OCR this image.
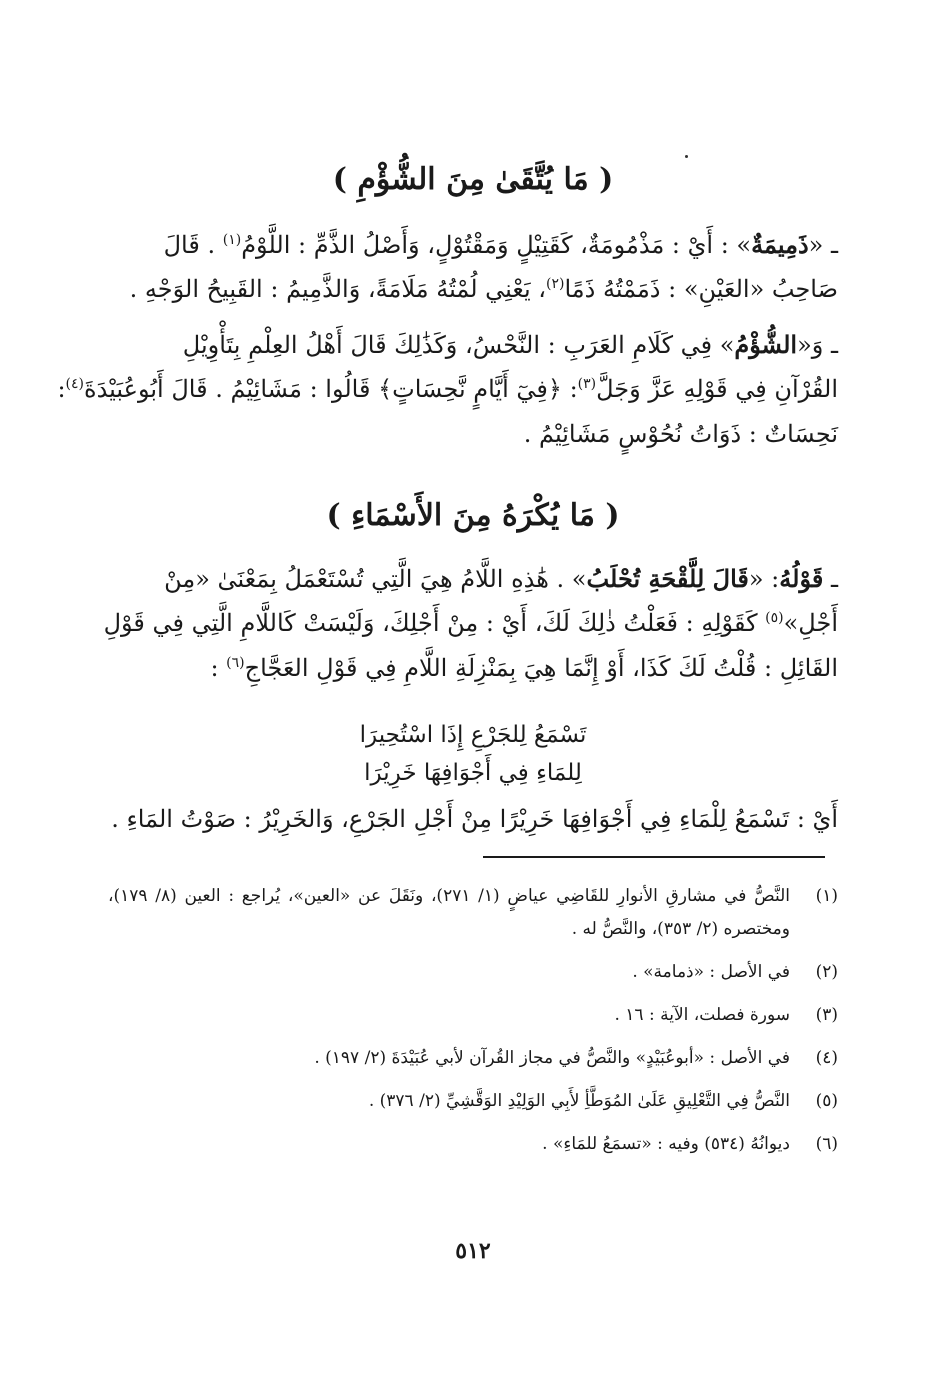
( مَا يُتَّقَىٰ مِنَ الشُّؤْمِ )
ـ «ذَمِيمَةٌ» : أَيْ : مَذْمُومَةٌ، كَقَتِيْلٍ وَمَقْتُوْلٍ، وَأَصْلُ الذَّمِّ : اللَّوْمُ$^{(١)}$ . قَالَ
صَاحِبُ «العَيْنِ» : ذَمَمْتُهُ ذَمًا$^{(٢)}$، يَعْنِي لُمْتُهُ مَلَامَةً، وَالذَّمِيمُ : القَبِيحُ الوَجْهِ .
ـ وَ«الشُّؤْمُ» فِي كَلَامِ العَرَبِ : النَّحْسُ، وَكَذَٰلِكَ قَالَ أَهْلُ العِلْمِ بِتَأْوِيْلِ
القُرْآنِ فِي قَوْلِهِ عَزَّ وَجَلَّ$^{(٣)}$: ﴿فِيٓ أَيَّامٍ نَّحِسَاتٍ﴾ قَالُوا : مَشَائِيْمُ . قَالَ أَبُوعُبَيْدَةَ$^{(٤)}$:
نَحِسَاتٌ : ذَوَاتُ نُحُوْسٍ مَشَائِيْمُ .
( مَا يُكْرَهُ مِنَ الأَسْمَاءِ )
ـ قَوْلُهُ: «قَالَ لِلَّقْحَةِ تُحْلَبُ» . هَٰذِهِ اللَّامُ هِيَ الَّتِي تُسْتَعْمَلُ بِمَعْنَىٰ «مِنْ
أَجْلِ»$^{(٥)}$ كَقَوْلِهِ : فَعَلْتُ ذٰلِكَ لَكَ، أَيْ : مِنْ أَجْلِكَ، وَلَيْسَتْ كَاللَّامِ الَّتِي فِي قَوْلِ
القَائِلِ : قُلْتُ لَكَ كَذَا، أَوْ إِنَّمَا هِيَ بِمَنْزِلَةِ اللَّامِ فِي قَوْلِ العَجَّاجِ$^{(٦)}$ :
تَسْمَعُ لِلجَرْعِ إِذَا اسْتُحِيرَا
لِلمَاءِ فِي أَجْوَافِهَا خَرِيْرَا
أَيْ : تَسْمَعُ لِلْمَاءِ فِي أَجْوَافِهَا خَرِيْرًا مِنْ أَجْلِ الجَرْعِ، وَالخَرِيْرُ : صَوْتُ المَاءِ .
(١)
النَّصُّ في مشارقِ الأنوارِ للقَاضِي عياضٍ (١/ ٢٧١)، ونَقَلَ عن «العين»، يُراجع : العين (٨/ ١٧٩)، ومختصره (٢/ ٣٥٣)، والنَّصُّ له .
(٢)
في الأصل : «ذمامة» .
(٣)
سورة فصلت، الآية : ١٦ .
(٤)
في الأصل : «أبوعُبَيْدٍ» والنَّصُّ في مجاز القُرآن لأبي عُبَيْدَةَ (٢/ ١٩٧) .
(٥)
النَّصُّ فِي التَّعْلِيقِ عَلَىٰ المُوَطَّأِ لأَبِي الوَلِيْدِ الوَقَّشِيِّ (٢/ ٣٧٦) .
(٦)
ديوانُهُ (٥٣٤) وفيه : «تسمَعُ للمَاءِ» .
٥١٢
